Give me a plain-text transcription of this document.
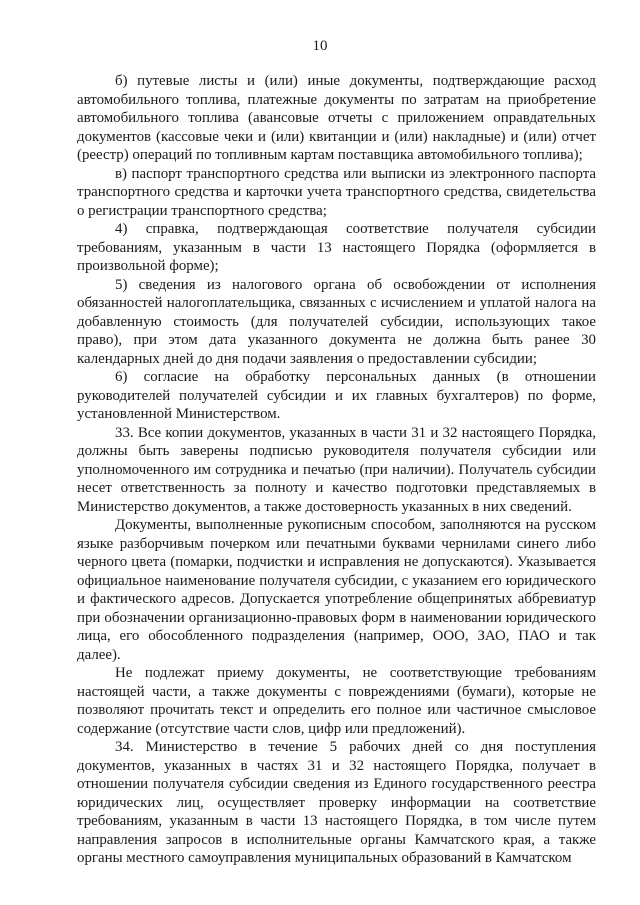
10

б) путевые листы и (или) иные документы, подтверждающие расход автомобильного топлива, платежные документы по затратам на приобретение автомобильного топлива (авансовые отчеты с приложением оправдательных документов (кассовые чеки и (или) квитанции и (или) накладные) и (или) отчет (реестр) операций по топливным картам поставщика автомобильного топлива);

в) паспорт транспортного средства или выписки из электронного паспорта транспортного средства и карточки учета транспортного средства, свидетельства о регистрации транспортного средства;

4) справка, подтверждающая соответствие получателя субсидии требованиям, указанным в части 13 настоящего Порядка (оформляется в произвольной форме);

5) сведения из налогового органа об освобождении от исполнения обязанностей налогоплательщика, связанных с исчислением и уплатой налога на добавленную стоимость (для получателей субсидии, использующих такое право), при этом дата указанного документа не должна быть ранее 30 календарных дней до дня подачи заявления о предоставлении субсидии;

6) согласие на обработку персональных данных (в отношении руководителей получателей субсидии и их главных бухгалтеров) по форме, установленной Министерством.

33. Все копии документов, указанных в части 31 и 32 настоящего Порядка, должны быть заверены подписью руководителя получателя субсидии или уполномоченного им сотрудника и печатью (при наличии). Получатель субсидии несет ответственность за полноту и качество подготовки представляемых в Министерство документов, а также достоверность указанных в них сведений.

Документы, выполненные рукописным способом, заполняются на русском языке разборчивым почерком или печатными буквами чернилами синего либо черного цвета (помарки, подчистки и исправления не допускаются). Указывается официальное наименование получателя субсидии, с указанием его юридического и фактического адресов. Допускается употребление общепринятых аббревиатур при обозначении организационно-правовых форм в наименовании юридического лица, его обособленного подразделения (например, ООО, ЗАО, ПАО и так далее).

Не подлежат приему документы, не соответствующие требованиям настоящей части, а также документы с повреждениями (бумаги), которые не позволяют прочитать текст и определить его полное или частичное смысловое содержание (отсутствие части слов, цифр или предложений).

34. Министерство в течение 5 рабочих дней со дня поступления документов, указанных в частях 31 и 32 настоящего Порядка, получает в отношении получателя субсидии сведения из Единого государственного реестра юридических лиц, осуществляет проверку информации на соответствие требованиям, указанным в части 13 настоящего Порядка, в том числе путем направления запросов в исполнительные органы Камчатского края, а также органы местного самоуправления муниципальных образований в Камчатском
